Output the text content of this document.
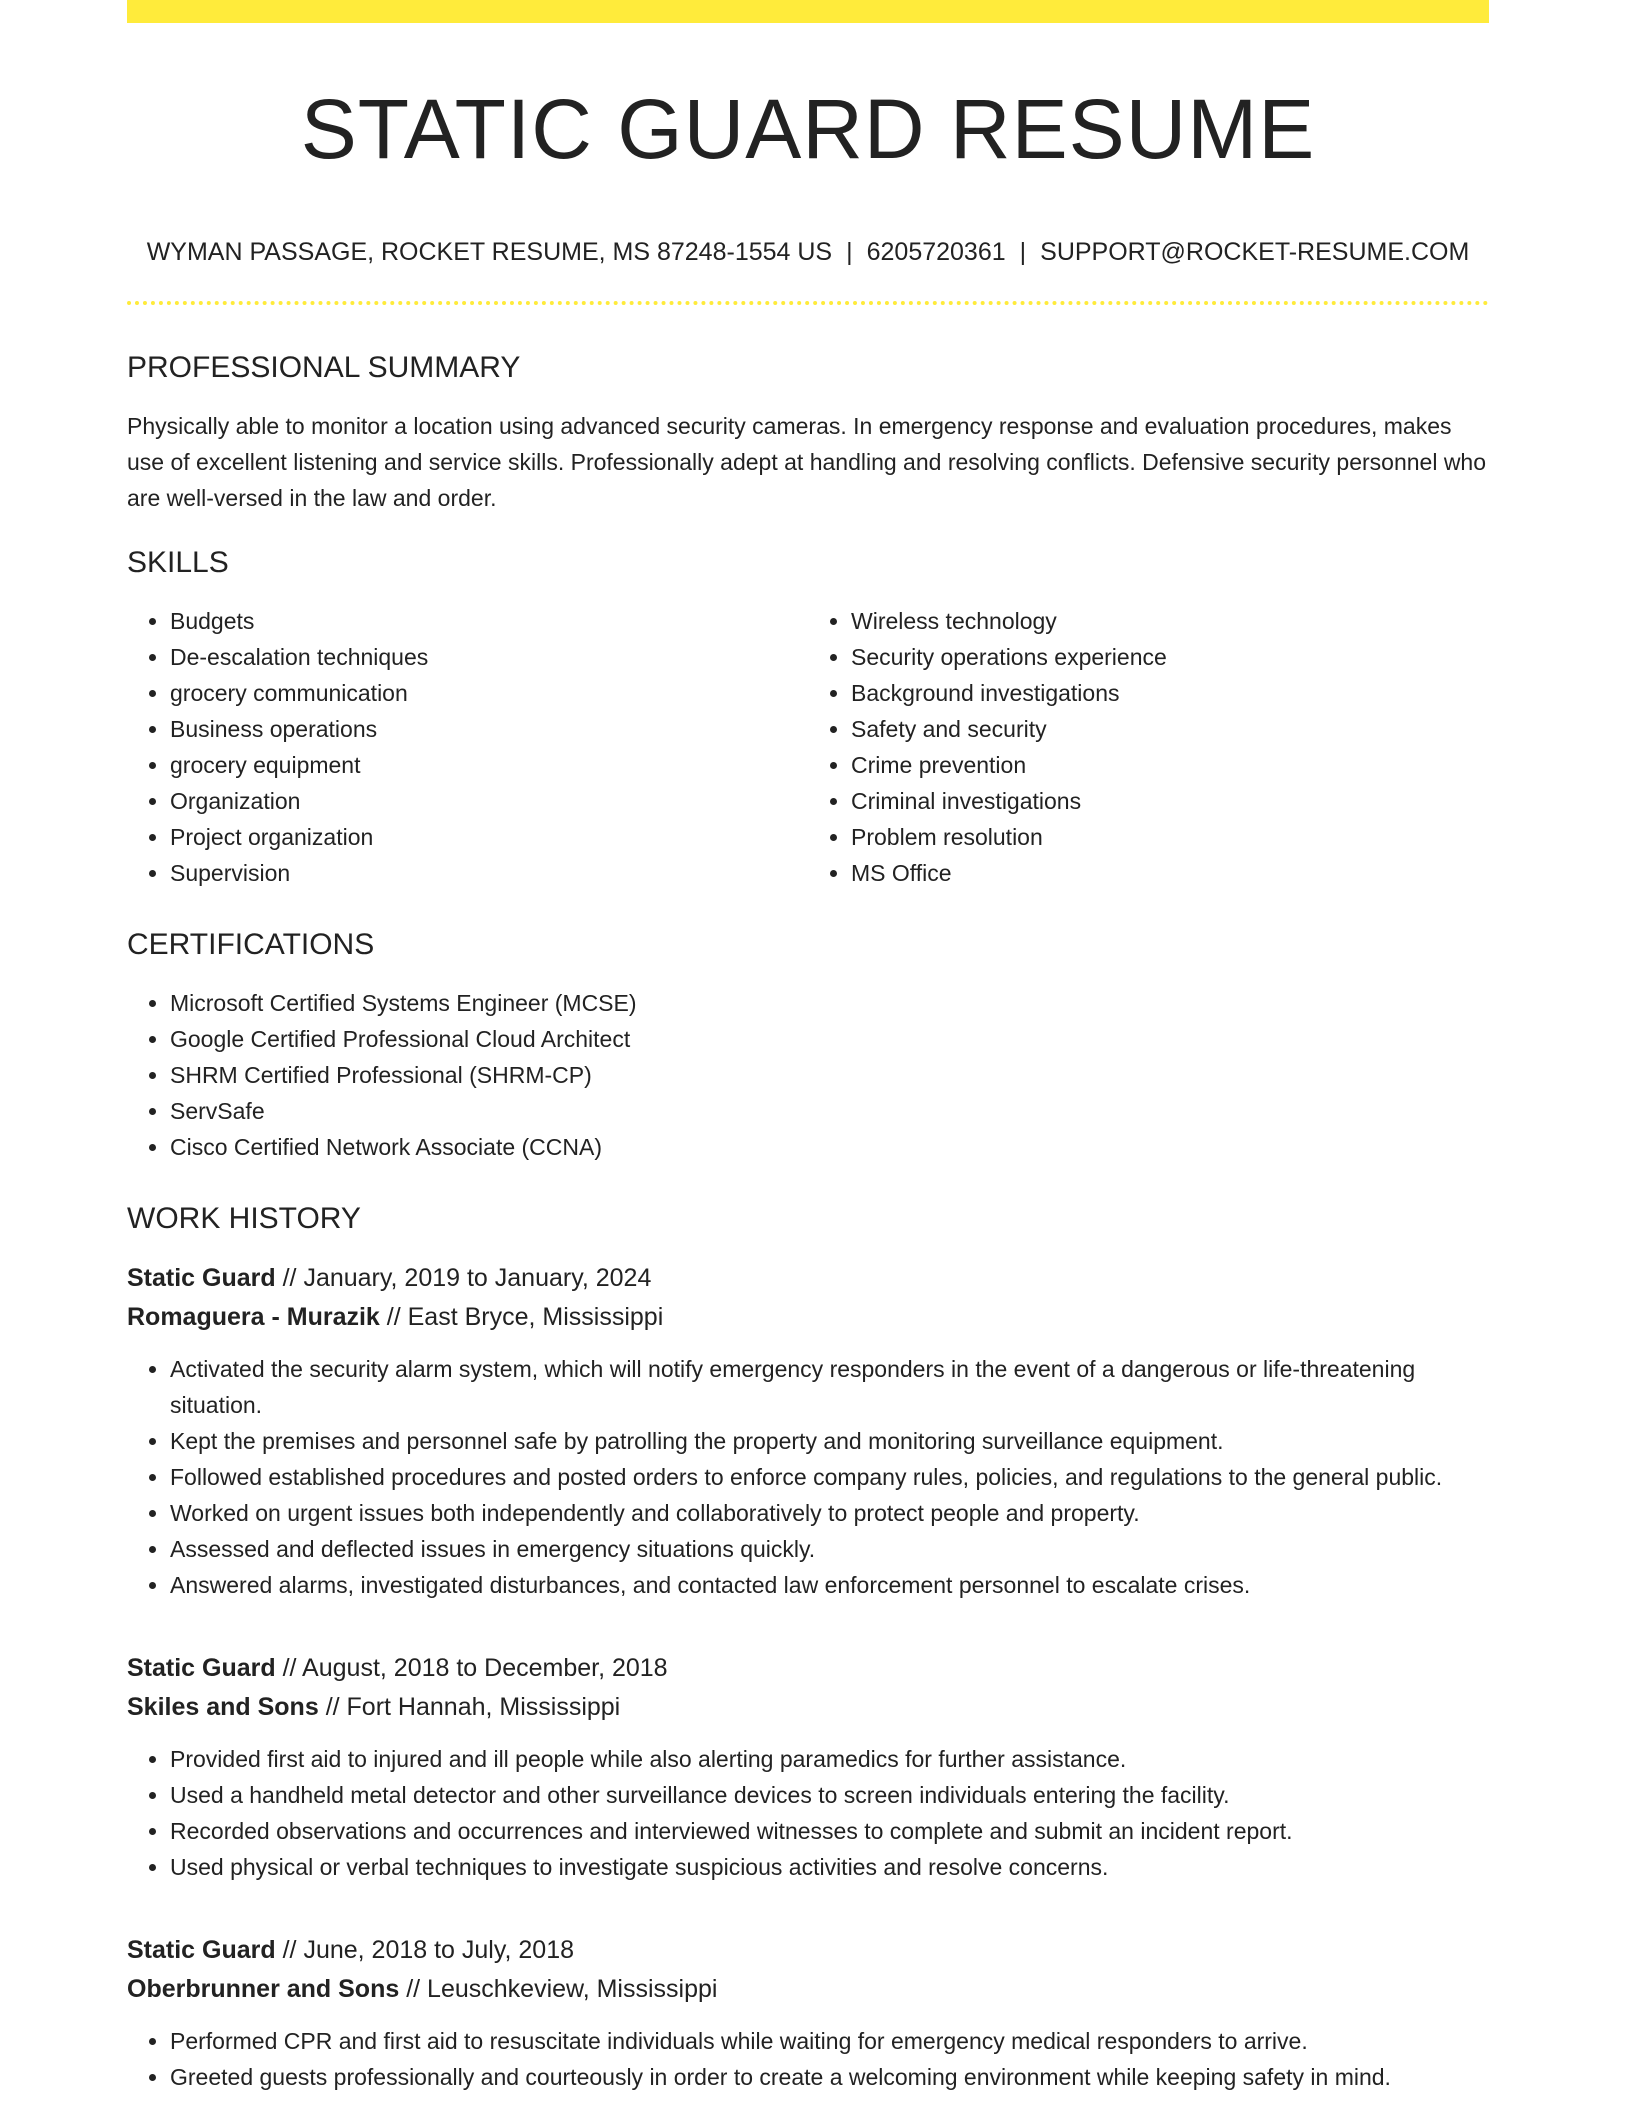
STATIC GUARD RESUME
WYMAN PASSAGE, ROCKET RESUME, MS 87248-1554 US | 6205720361 | SUPPORT@ROCKET-RESUME.COM
PROFESSIONAL SUMMARY
Physically able to monitor a location using advanced security cameras. In emergency response and evaluation procedures, makes use of excellent listening and service skills. Professionally adept at handling and resolving conflicts. Defensive security personnel who are well-versed in the law and order.
SKILLS
• Budgets
• De-escalation techniques
• grocery communication
• Business operations
• grocery equipment
• Organization
• Project organization
• Supervision
• Wireless technology
• Security operations experience
• Background investigations
• Safety and security
• Crime prevention
• Criminal investigations
• Problem resolution
• MS Office
CERTIFICATIONS
• Microsoft Certified Systems Engineer (MCSE)
• Google Certified Professional Cloud Architect
• SHRM Certified Professional (SHRM-CP)
• ServSafe
• Cisco Certified Network Associate (CCNA)
WORK HISTORY
Static Guard // January, 2019 to January, 2024
Romaguera - Murazik // East Bryce, Mississippi
• Activated the security alarm system, which will notify emergency responders in the event of a dangerous or life-threatening situation.
• Kept the premises and personnel safe by patrolling the property and monitoring surveillance equipment.
• Followed established procedures and posted orders to enforce company rules, policies, and regulations to the general public.
• Worked on urgent issues both independently and collaboratively to protect people and property.
• Assessed and deflected issues in emergency situations quickly.
• Answered alarms, investigated disturbances, and contacted law enforcement personnel to escalate crises.
Static Guard // August, 2018 to December, 2018
Skiles and Sons // Fort Hannah, Mississippi
• Provided first aid to injured and ill people while also alerting paramedics for further assistance.
• Used a handheld metal detector and other surveillance devices to screen individuals entering the facility.
• Recorded observations and occurrences and interviewed witnesses to complete and submit an incident report.
• Used physical or verbal techniques to investigate suspicious activities and resolve concerns.
Static Guard // June, 2018 to July, 2018
Oberbrunner and Sons // Leuschkeview, Mississippi
• Performed CPR and first aid to resuscitate individuals while waiting for emergency medical responders to arrive.
• Greeted guests professionally and courteously in order to create a welcoming environment while keeping safety in mind.
